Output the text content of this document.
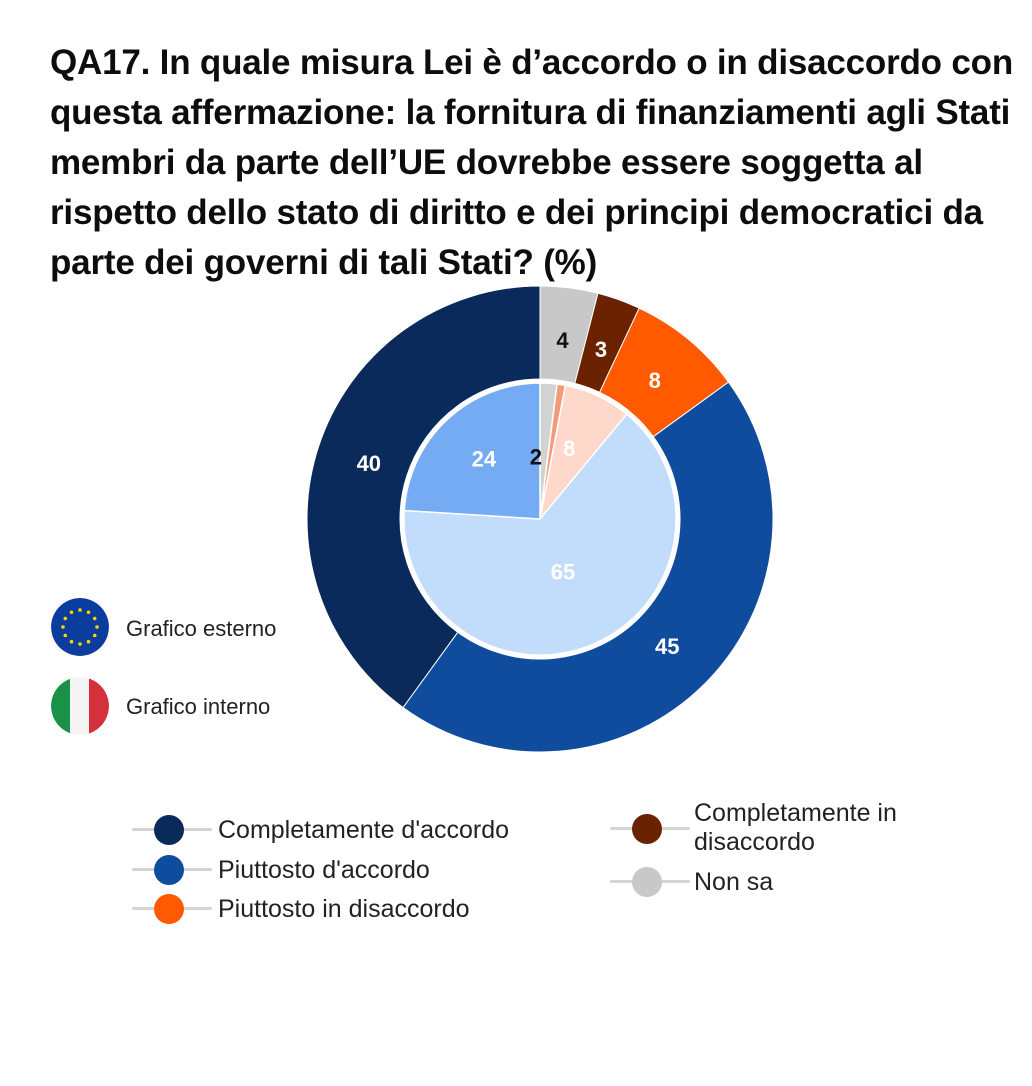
QA17. In quale misura Lei è d’accordo o in disaccordo con questa affermazione: la fornitura di finanziamenti agli Stati membri da parte dell’UE dovrebbe essere soggetta al rispetto dello stato di diritto e dei principi democratici da parte dei governi di tali Stati? (%)
4 3
8
45
40	2 8
65
24
Grafico esterno
Grafico interno
Completamente d'accordo
Piuttosto d'accordo
Piuttosto in disaccordo
Completamente in disaccordo
Non sa
